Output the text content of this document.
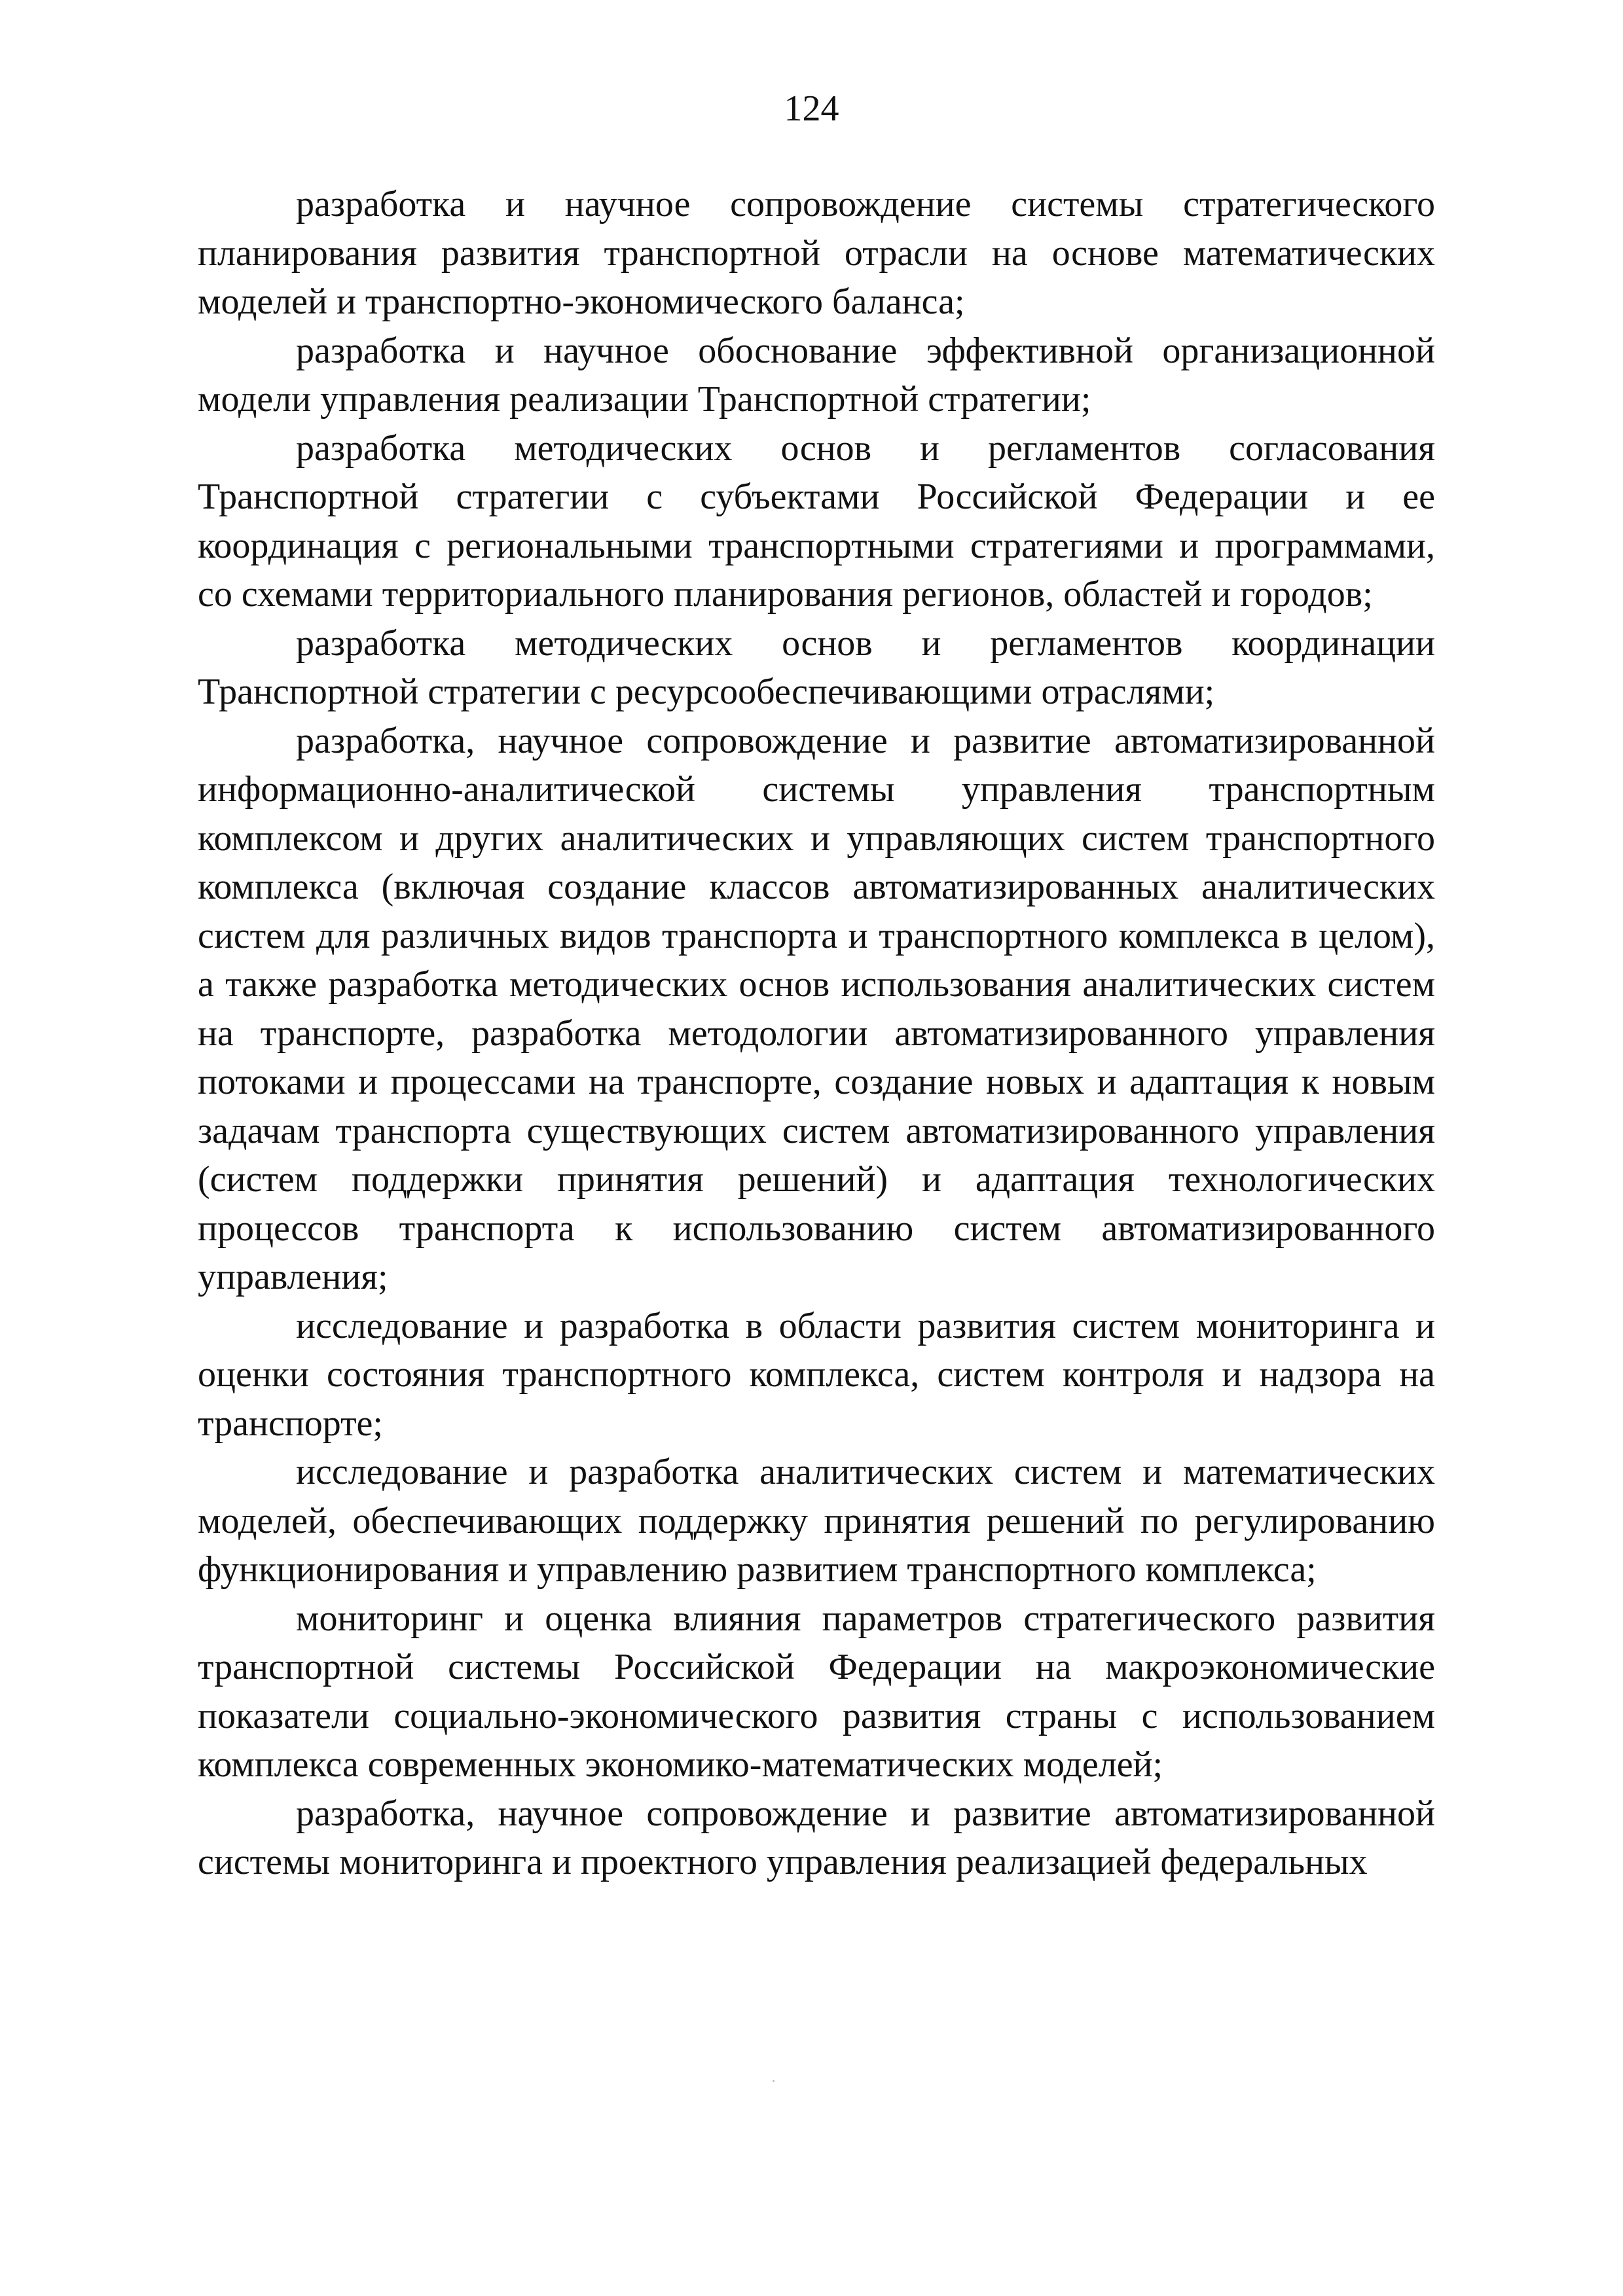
124

разработка и научное сопровождение системы стратегического планирования развития транспортной отрасли на основе математических моделей и транспортно-экономического баланса;

разработка и научное обоснование эффективной организационной модели управления реализации Транспортной стратегии;

разработка методических основ и регламентов согласования Транспортной стратегии с субъектами Российской Федерации и ее координация с региональными транспортными стратегиями и программами, со схемами территориального планирования регионов, областей и городов;

разработка методических основ и регламентов координации Транспортной стратегии с ресурсообеспечивающими отраслями;

разработка, научное сопровождение и развитие автоматизированной информационно-аналитической системы управления транспортным комплексом и других аналитических и управляющих систем транспортного комплекса (включая создание классов автоматизированных аналитических систем для различных видов транспорта и транспортного комплекса в целом), а также разработка методических основ использования аналитических систем на транспорте, разработка методологии автоматизированного управления потоками и процессами на транспорте, создание новых и адаптация к новым задачам транспорта существующих систем автоматизированного управления (систем поддержки принятия решений) и адаптация технологических процессов транспорта к использованию систем автоматизированного управления;

исследование и разработка в области развития систем мониторинга и оценки состояния транспортного комплекса, систем контроля и надзора на транспорте;

исследование и разработка аналитических систем и математических моделей, обеспечивающих поддержку принятия решений по регулированию функционирования и управлению развитием транспортного комплекса;

мониторинг и оценка влияния параметров стратегического развития транспортной системы Российской Федерации на макроэкономические показатели социально-экономического развития страны с использованием комплекса современных экономико-математических моделей;

разработка, научное сопровождение и развитие автоматизированной системы мониторинга и проектного управления реализацией федеральных
